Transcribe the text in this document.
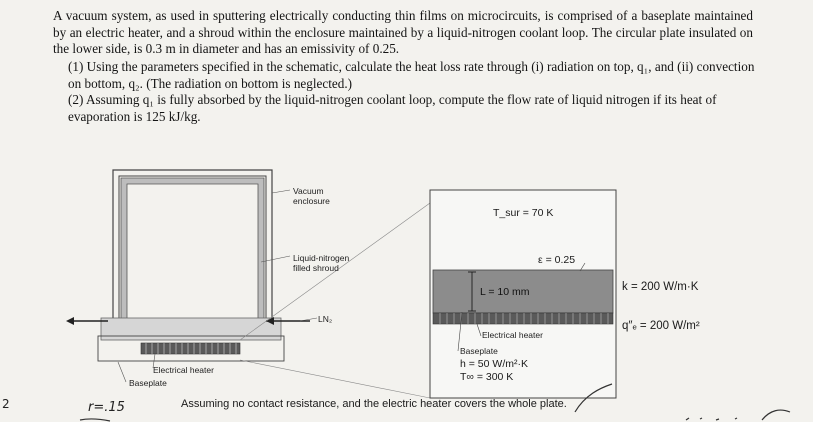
A vacuum system, as used in sputtering electrically conducting thin films on microcircuits, is comprised of a baseplate maintained by an electric heater, and a shroud within the enclosure maintained by a liquid-nitrogen coolant loop. The circular plate insulated on the lower side, is 0.3 m in diameter and has an emissivity of 0.25.

(1) Using the parameters specified in the schematic, calculate the heat loss rate through (i) radiation on top, q₁, and (ii) convection on bottom, q₂. (The radiation on bottom is neglected.)
(2) Assuming q₁ is fully absorbed by the liquid-nitrogen coolant loop, compute the flow rate of liquid nitrogen if its heat of evaporation is 125 kJ/kg.
Vacuum enclosure
Liquid-nitrogen filled shroud
LN₂
Electrical heater
Baseplate
T_sur = 70 K
ε = 0.25
L = 10 mm
Electrical heater
Baseplate
h = 50 W/m²·K
T∞ = 300 K
k = 200 W/m·K
q″ₑ = 200 W/m²
Assuming no contact resistance, and the electric heater covers the whole plate.
2	r=.15
